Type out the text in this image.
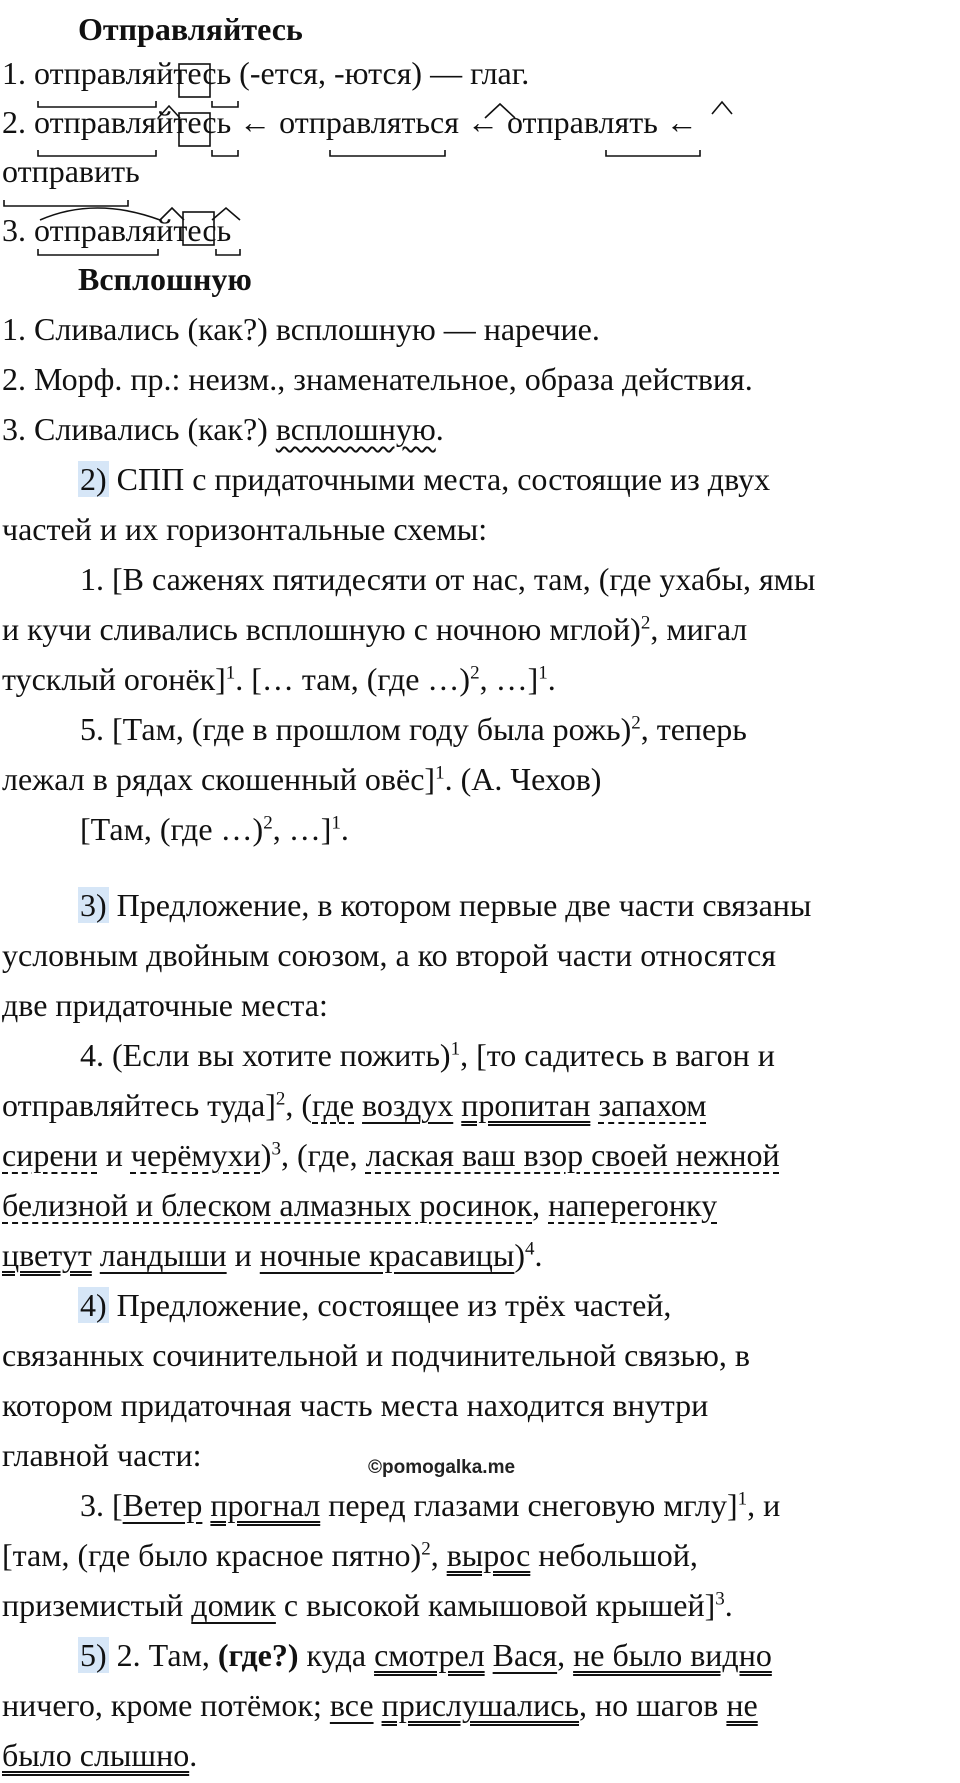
Отправляйтесь
1. отправляйтесь (-ется, -ются) — глаг.
2. отправляйтесь ← отправляться ← отправлять ←
отправить
3. отправляйтесь
Всплошную
1. Сливались (как?) всплошную — наречие.
2. Морф. пр.: неизм., знаменательное, образа действия.
3. Сливались (как?) всплошную.
2) СПП с придаточными места, состоящие из двух
частей и их горизонтальные схемы:
1. [В саженях пятидесяти от нас, там, (где ухабы, ямы
и кучи сливались всплошную с ночною мглой)$^2$, мигал
тусклый огонёк]$^1$. [… там, (где …)$^2$, …]$^1$.
5. [Там, (где в прошлом году была рожь)$^2$, теперь
лежал в рядах скошенный овёс]$^1$. (А. Чехов)
[Там, (где …)$^2$, …]$^1$.
3) Предложение, в котором первые две части связаны
условным двойным союзом, а ко второй части относятся
две придаточные места:
4. (Если вы хотите пожить)$^1$, [то садитесь в вагон и
отправляйтесь туда]$^2$, (где воздух пропитан запахом
сирени и черёмухи)$^3$, (где, лаская ваш взор своей нежной
белизной и блеском алмазных росинок, наперегонку
цветут ландыши и ночные красавицы)$^4$.
4) Предложение, состоящее из трёх частей,
связанных сочинительной и подчинительной связью, в
котором придаточная часть места находится внутри
главной части:	©pomogalka.me
3. [Ветер прогнал перед глазами снеговую мглу]$^1$, и
[там, (где было красное пятно)$^2$, вырос небольшой,
приземистый домик с высокой камышовой крышей]$^3$.
5) 2. Там, (где?) куда смотрел Вася, не было видно
ничего, кроме потёмок; все прислушались, но шагов не
было слышно.
